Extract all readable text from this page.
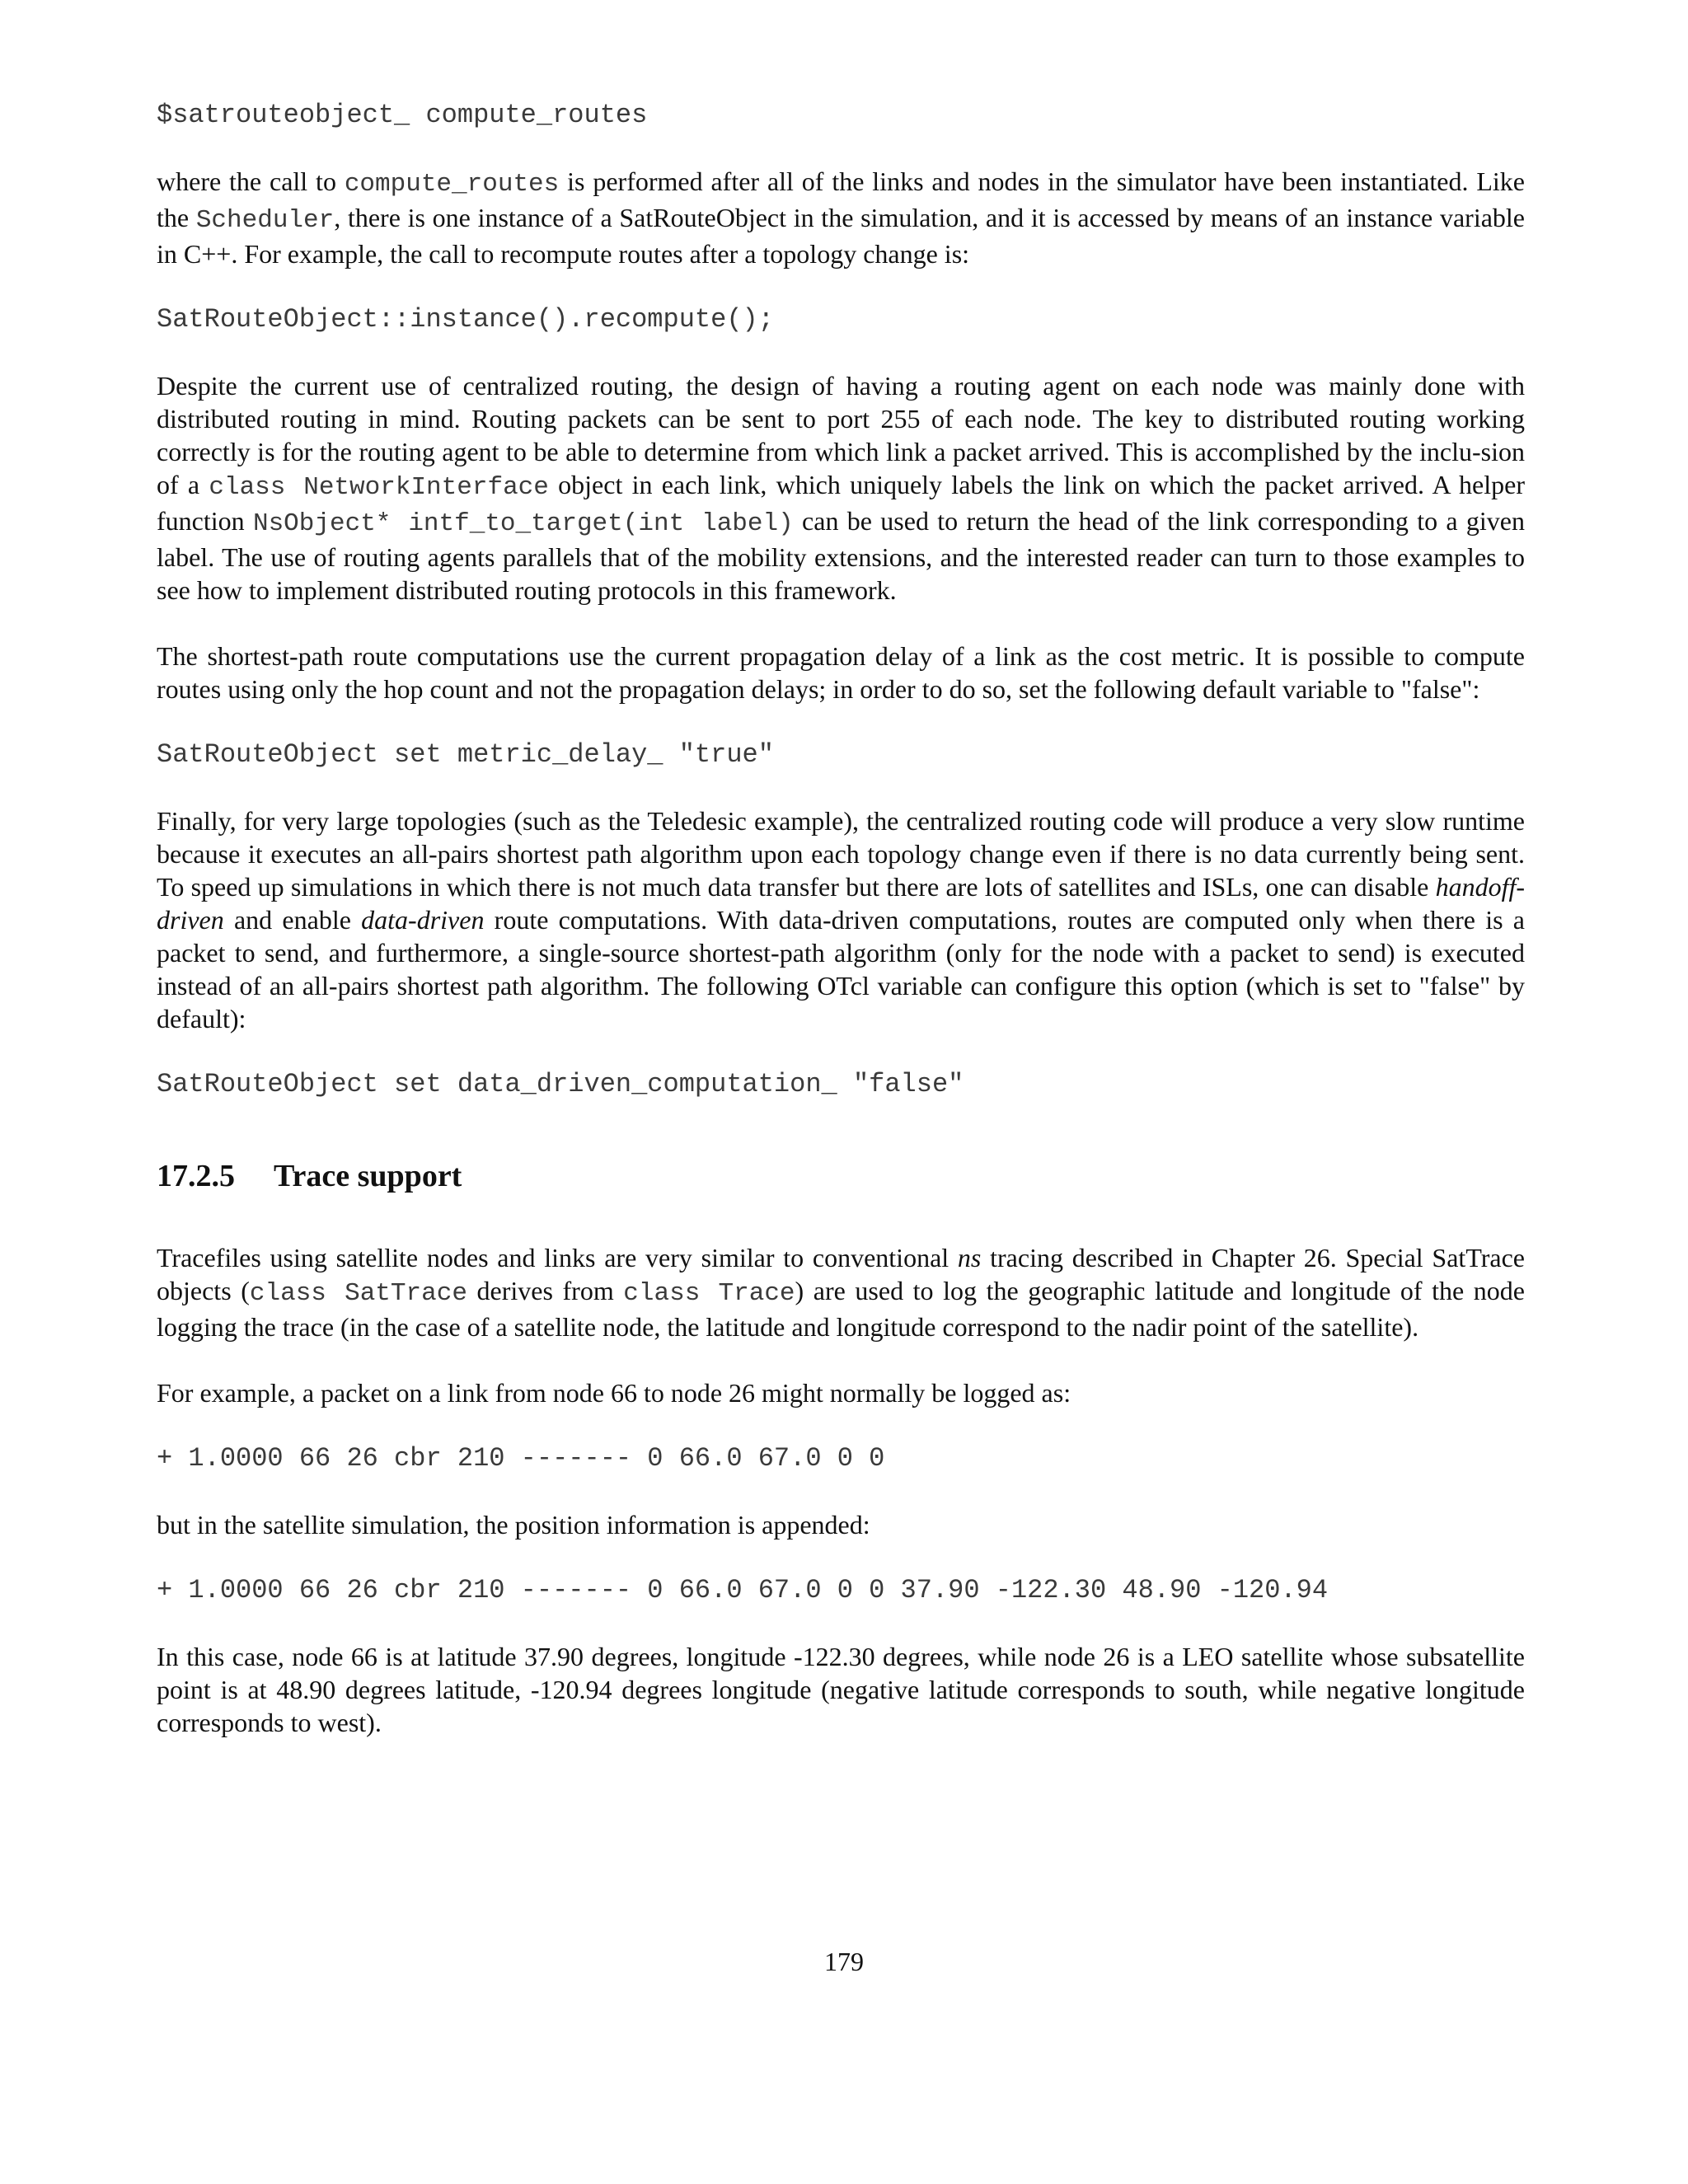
$satrouteobject_ compute_routes

where the call to compute_routes is performed after all of the links and nodes in the simulator have been instantiated. Like the Scheduler, there is one instance of a SatRouteObject in the simulation, and it is accessed by means of an instance variable in C++. For example, the call to recompute routes after a topology change is:

SatRouteObject::instance().recompute();

Despite the current use of centralized routing, the design of having a routing agent on each node was mainly done with distributed routing in mind. Routing packets can be sent to port 255 of each node. The key to distributed routing working correctly is for the routing agent to be able to determine from which link a packet arrived. This is accomplished by the inclu-sion of a class NetworkInterface object in each link, which uniquely labels the link on which the packet arrived. A helper function NsObject* intf_to_target(int label) can be used to return the head of the link corresponding to a given label. The use of routing agents parallels that of the mobility extensions, and the interested reader can turn to those examples to see how to implement distributed routing protocols in this framework.

The shortest-path route computations use the current propagation delay of a link as the cost metric. It is possible to compute routes using only the hop count and not the propagation delays; in order to do so, set the following default variable to "false":

SatRouteObject set metric_delay_ "true"

Finally, for very large topologies (such as the Teledesic example), the centralized routing code will produce a very slow runtime because it executes an all-pairs shortest path algorithm upon each topology change even if there is no data currently being sent. To speed up simulations in which there is not much data transfer but there are lots of satellites and ISLs, one can disable handoff-driven and enable data-driven route computations. With data-driven computations, routes are computed only when there is a packet to send, and furthermore, a single-source shortest-path algorithm (only for the node with a packet to send) is executed instead of an all-pairs shortest path algorithm. The following OTcl variable can configure this option (which is set to "false" by default):

SatRouteObject set data_driven_computation_ "false"
17.2.5 Trace support

Tracefiles using satellite nodes and links are very similar to conventional ns tracing described in Chapter 26. Special SatTrace objects (class SatTrace derives from class Trace) are used to log the geographic latitude and longitude of the node logging the trace (in the case of a satellite node, the latitude and longitude correspond to the nadir point of the satellite).

For example, a packet on a link from node 66 to node 26 might normally be logged as:

+ 1.0000 66 26 cbr 210 ------- 0 66.0 67.0 0 0

but in the satellite simulation, the position information is appended:

+ 1.0000 66 26 cbr 210 ------- 0 66.0 67.0 0 0 37.90 -122.30 48.90 -120.94

In this case, node 66 is at latitude 37.90 degrees, longitude -122.30 degrees, while node 26 is a LEO satellite whose subsatellite point is at 48.90 degrees latitude, -120.94 degrees longitude (negative latitude corresponds to south, while negative longitude corresponds to west).

179
